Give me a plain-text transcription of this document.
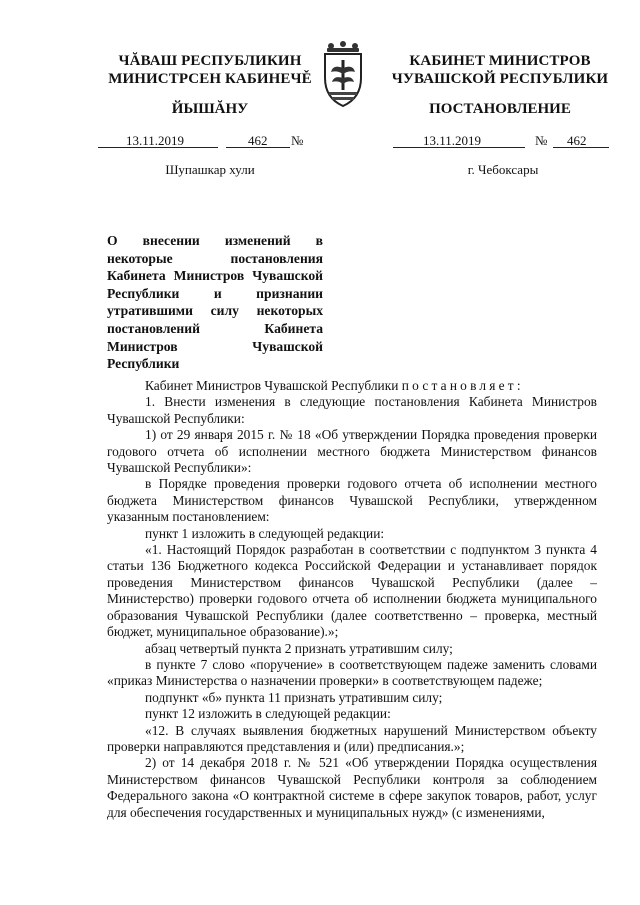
ЧĂВАШ РЕСПУБЛИКИН
МИНИСТРСЕН КАБИНЕЧĚ
КАБИНЕТ МИНИСТРОВ
ЧУВАШСКОЙ РЕСПУБЛИКИ
ЙЫШĂНУ	ПОСТАНОВЛЕНИЕ
13.11.2019	462 №	13.11.2019	№ 462
Шупашкар хули	г. Чебоксары
О внесении изменений в некоторые постановления Кабинета Министров Чувашской Республики и признании утратившими силу некоторых постановлений Кабинета Министров Чувашской Республики

Кабинет Министров Чувашской Республики постановляет:

1. Внести изменения в следующие постановления Кабинета Министров Чувашской Республики:

1) от 29 января 2015 г. № 18 «Об утверждении Порядка проведения проверки годового отчета об исполнении местного бюджета Министерством финансов Чувашской Республики»:

в Порядке проведения проверки годового отчета об исполнении местного бюджета Министерством финансов Чувашской Республики, утвержденном указанным постановлением:

пункт 1 изложить в следующей редакции:

«1. Настоящий Порядок разработан в соответствии с подпунктом 3 пункта 4 статьи 136 Бюджетного кодекса Российской Федерации и устанавливает порядок проведения Министерством финансов Чувашской Республики (далее – Министерство) проверки годового отчета об исполнении бюджета муниципального образования Чувашской Республики (далее соответственно – проверка, местный бюджет, муниципальное образование).»;

абзац четвертый пункта 2 признать утратившим силу;

в пункте 7 слово «поручение» в соответствующем падеже заменить словами «приказ Министерства о назначении проверки» в соответствующем падеже;

подпункт «б» пункта 11 признать утратившим силу;

пункт 12 изложить в следующей редакции:

«12. В случаях выявления бюджетных нарушений Министерством объекту проверки направляются представления и (или) предписания.»;

2) от 14 декабря 2018 г. № 521 «Об утверждении Порядка осуществления Министерством финансов Чувашской Республики контроля за соблюдением Федерального закона «О контрактной системе в сфере закупок товаров, работ, услуг для обеспечения государственных и муниципальных нужд» (с изменениями,
